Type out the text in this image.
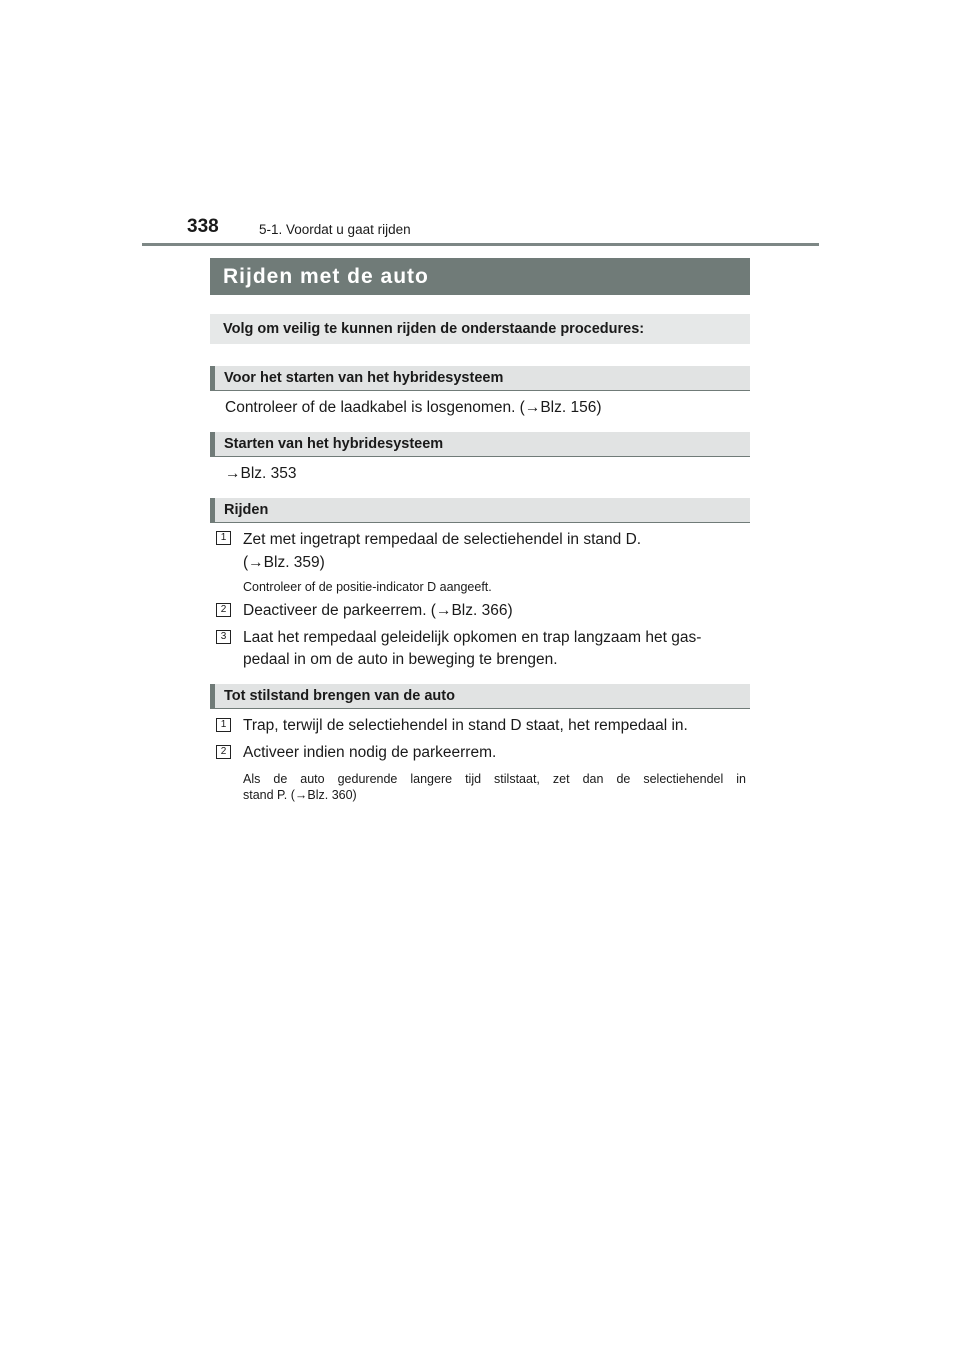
338	5-1. Voordat u gaat rijden
Rijden met de auto
Volg om veilig te kunnen rijden de onderstaande procedures:
Voor het starten van het hybridesysteem
Controleer of de laadkabel is losgenomen. (→Blz. 156)
Starten van het hybridesysteem
→Blz. 353
Rijden
1	Zet met ingetrapt rempedaal de selectiehendel in stand D.
(→Blz. 359)
Controleer of de positie-indicator D aangeeft.
2	Deactiveer de parkeerrem. (→Blz. 366)
3	Laat het rempedaal geleidelijk opkomen en trap langzaam het gas-
pedaal in om de auto in beweging te brengen.
Tot stilstand brengen van de auto
1	Trap, terwijl de selectiehendel in stand D staat, het rempedaal in.
2	Activeer indien nodig de parkeerrem.
Als de auto gedurende langere tijd stilstaat, zet dan de selectiehendel in
stand P. (→Blz. 360)
